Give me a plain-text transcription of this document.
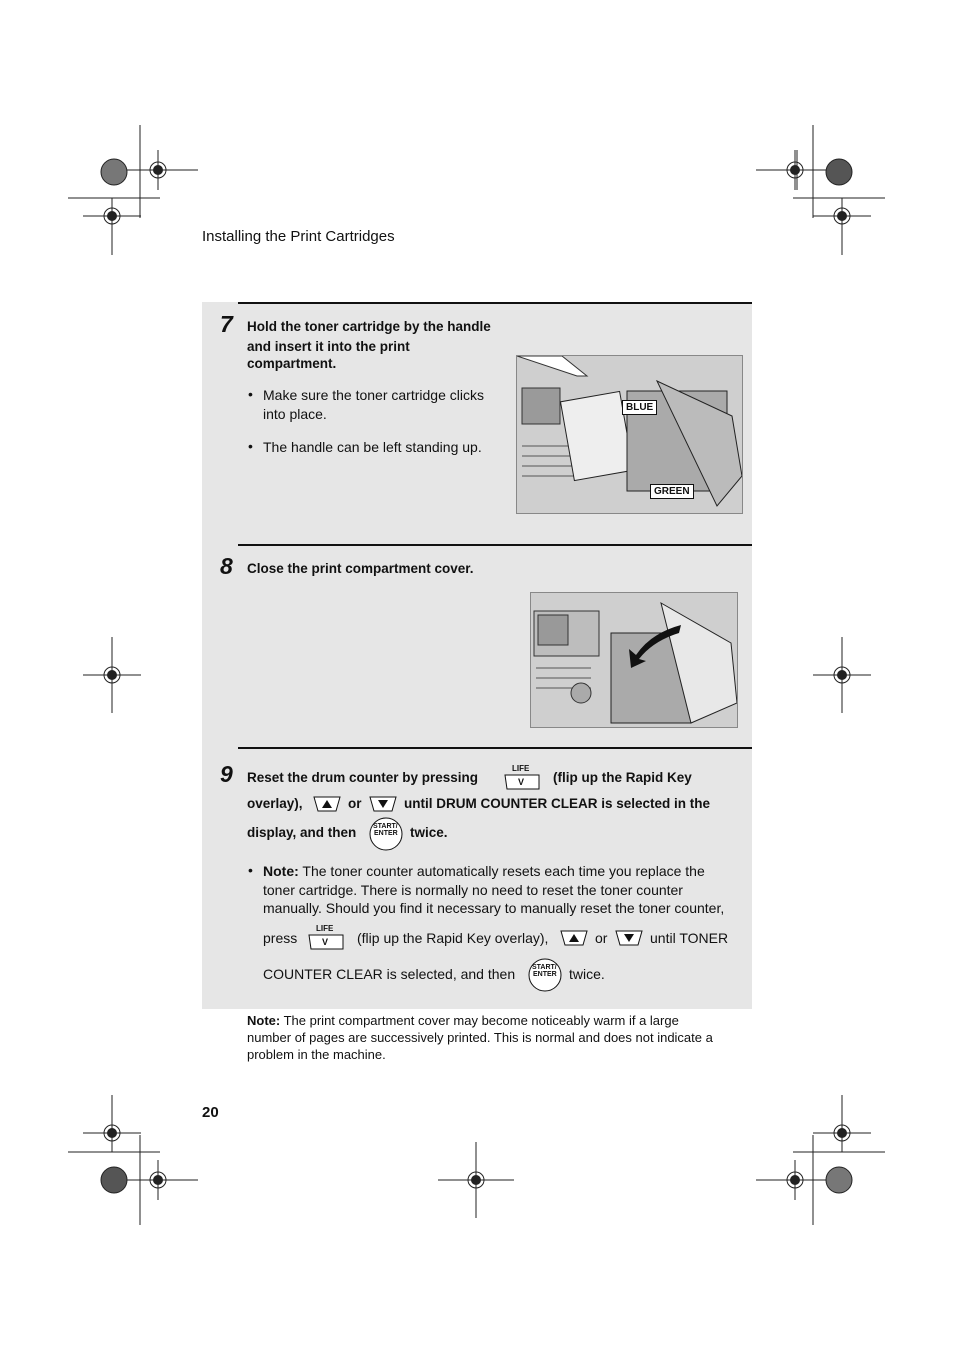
Installing the Print Cartridges
7 Hold the toner cartridge by the handle
and insert it into the print
compartment.
• Make sure the toner cartridge clicks
into place.
• The handle can be left standing up.
BLUE
GREEN
8 Close the print compartment cover.
9 Reset the drum counter by pressing
LIFE
V (flip up the Rapid Key
overlay),	or	until DRUM COUNTER CLEAR is selected in the
display, and then START/
ENTER twice.
• Note: The toner counter automatically resets each time you replace the
toner cartridge. There is normally no need to reset the toner counter
manually. Should you find it necessary to manually reset the toner counter,
press
LIFE
V (flip up the Rapid Key overlay),	or	until TONER
COUNTER CLEAR is selected, and then START/
ENTER twice.
Note: The print compartment cover may become noticeably warm if a large
number of pages are successively printed. This is normal and does not indicate a
problem in the machine.
20
